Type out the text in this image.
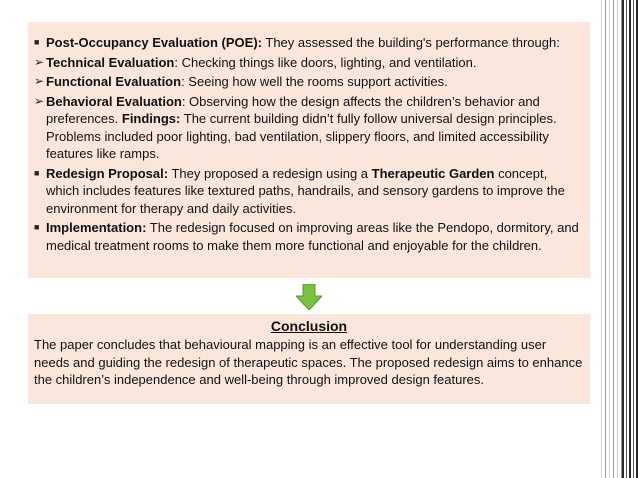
■ Post-Occupancy Evaluation (POE): They assessed the building's performance through:
➢ Technical Evaluation: Checking things like doors, lighting, and ventilation.
➢ Functional Evaluation: Seeing how well the rooms support activities.
➢ Behavioral Evaluation: Observing how the design affects the children’s behavior and preferences. Findings: The current building didn’t fully follow universal design principles. Problems included poor lighting, bad ventilation, slippery floors, and limited accessibility features like ramps.
■ Redesign Proposal: They proposed a redesign using a Therapeutic Garden concept, which includes features like textured paths, handrails, and sensory gardens to improve the environment for therapy and daily activities.
■ Implementation: The redesign focused on improving areas like the Pendopo, dormitory, and medical treatment rooms to make them more functional and enjoyable for the children.
Conclusion
The paper concludes that behavioural mapping is an effective tool for understanding user needs and guiding the redesign of therapeutic spaces. The proposed redesign aims to enhance the children’s independence and well-being through improved design features.
